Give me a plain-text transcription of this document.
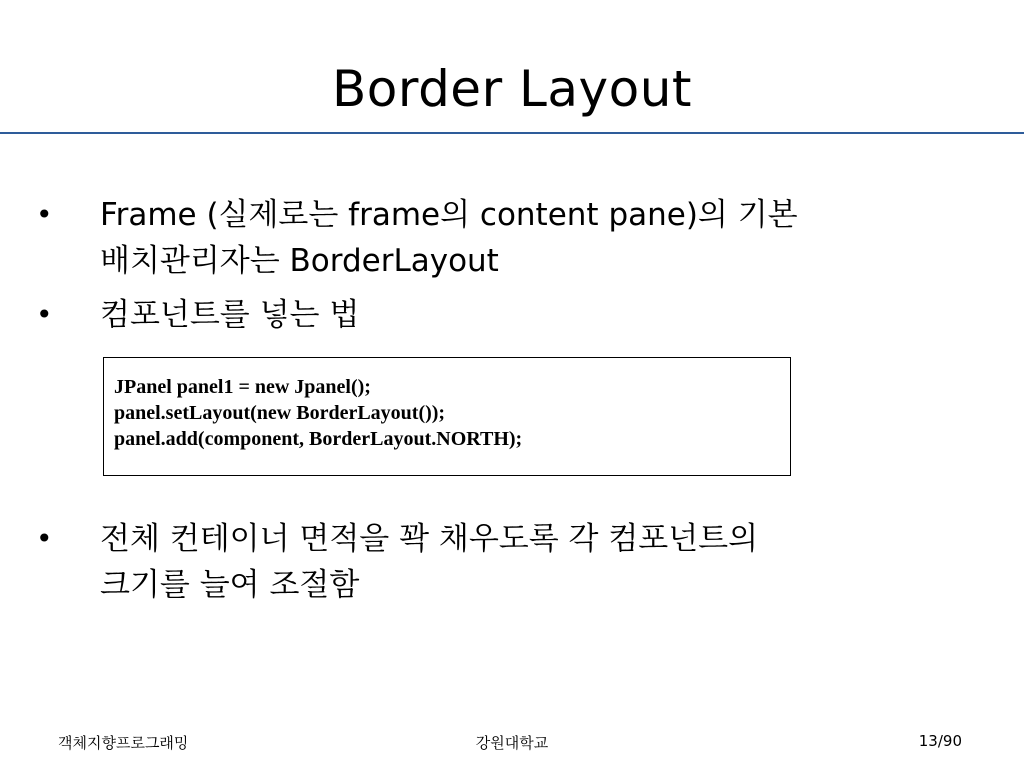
Border Layout
• Frame (실제로는 frame의 content pane)의 기본
배치관리자는 BorderLayout
• 컴포넌트를 넣는 법
JPanel panel1 = new Jpanel();
panel.setLayout(new BorderLayout());
panel.add(component, BorderLayout.NORTH);
• 전체 컨테이너 면적을 꽉 채우도록 각 컴포넌트의
크기를 늘여 조절함
객체지향프로그래밍	강원대학교	13/90
